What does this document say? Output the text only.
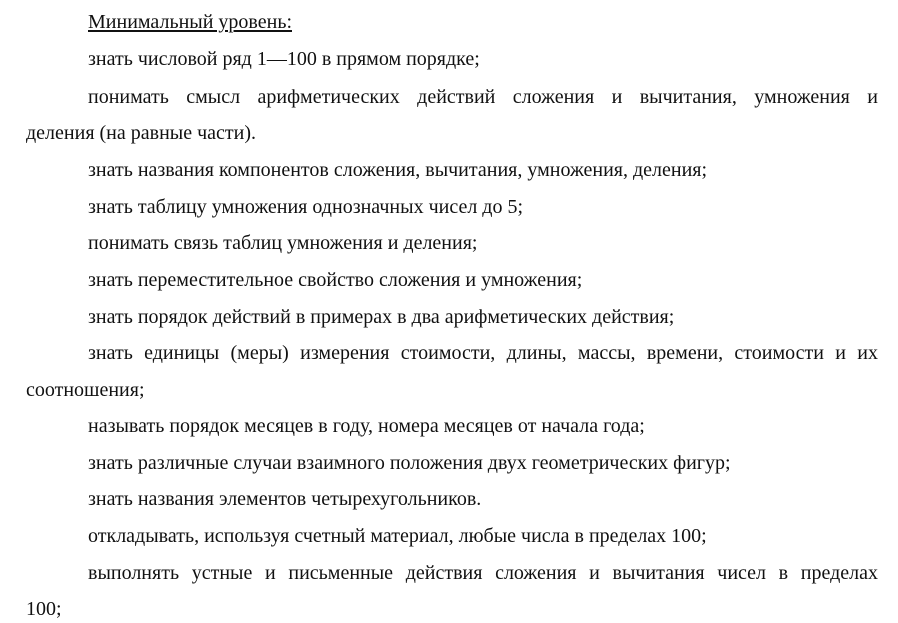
Минимальный уровень:
знать числовой ряд 1—100 в прямом порядке;
понимать смысл арифметических действий сложения и вычитания, умножения и
деления (на равные части).
знать названия компонентов сложения, вычитания, умножения, деления;
знать таблицу умножения однозначных чисел до 5;
понимать связь таблиц умножения и деления;
знать переместительное свойство сложения и умножения;
знать порядок действий в примерах в два арифметических действия;
знать единицы (меры) измерения стоимости, длины, массы, времени, стоимости и их
соотношения;
называть порядок месяцев в году, номера месяцев от начала года;
знать различные случаи взаимного положения двух геометрических фигур;
знать названия элементов четырехугольников.
откладывать, используя счетный материал, любые числа в пределах 100;
выполнять устные и письменные действия сложения и вычитания чисел в пределах
100;
